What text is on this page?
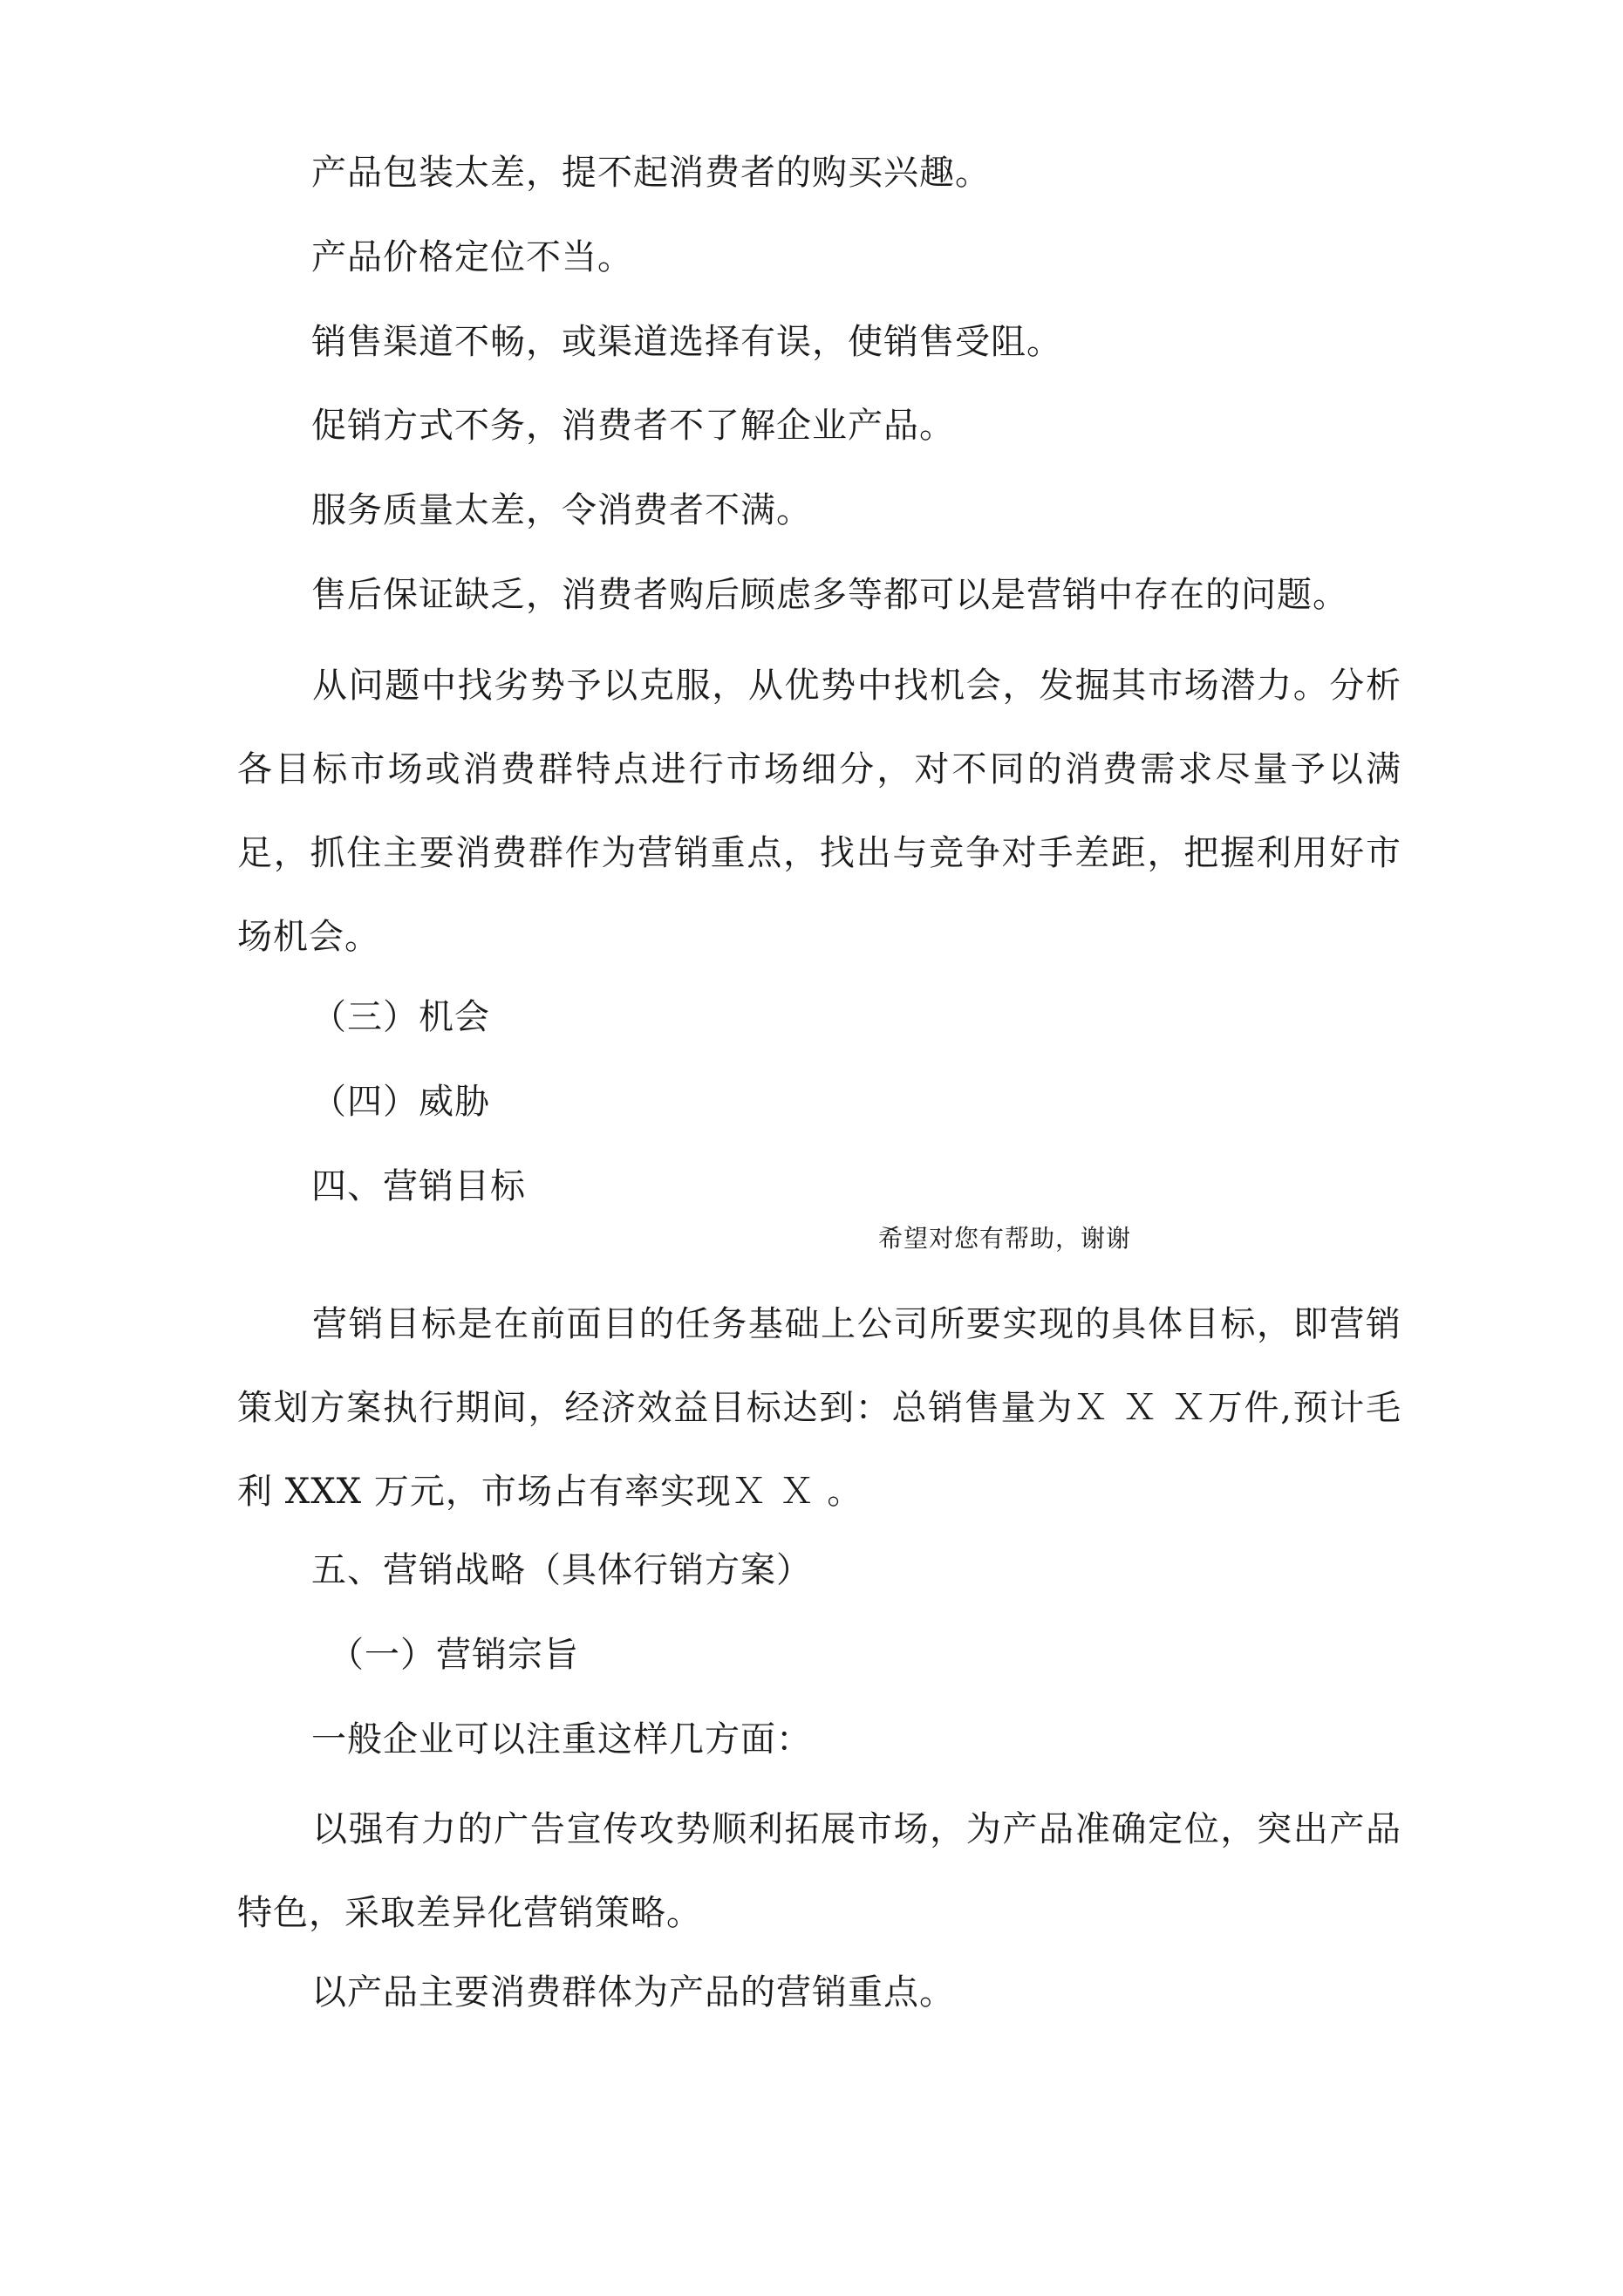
产品包装太差，提不起消费者的购买兴趣。
产品价格定位不当。
销售渠道不畅，或渠道选择有误，使销售受阻。
促销方式不务，消费者不了解企业产品。
服务质量太差，令消费者不满。
售后保证缺乏，消费者购后顾虑多等都可以是营销中存在的问题。

从问题中找劣势予以克服，从优势中找机会，发掘其市场潜力。分析各目标市场或消费群特点进行市场细分，对不同的消费需求尽量予以满足，抓住主要消费群作为营销重点，找出与竞争对手差距，把握利用好市场机会。

（三）机会
（四）威胁
四、营销目标
希望对您有帮助，谢谢

营销目标是在前面目的任务基础上公司所要实现的具体目标，即营销策划方案执行期间，经济效益目标达到：总销售量为Ｘ Ｘ Ｘ万件,预计毛利 XXX 万元，市场占有率实现Ｘ Ｘ 。

五、营销战略（具体行销方案）
（一）营销宗旨
一般企业可以注重这样几方面：

以强有力的广告宣传攻势顺利拓展市场，为产品准确定位，突出产品特色，采取差异化营销策略。

以产品主要消费群体为产品的营销重点。
